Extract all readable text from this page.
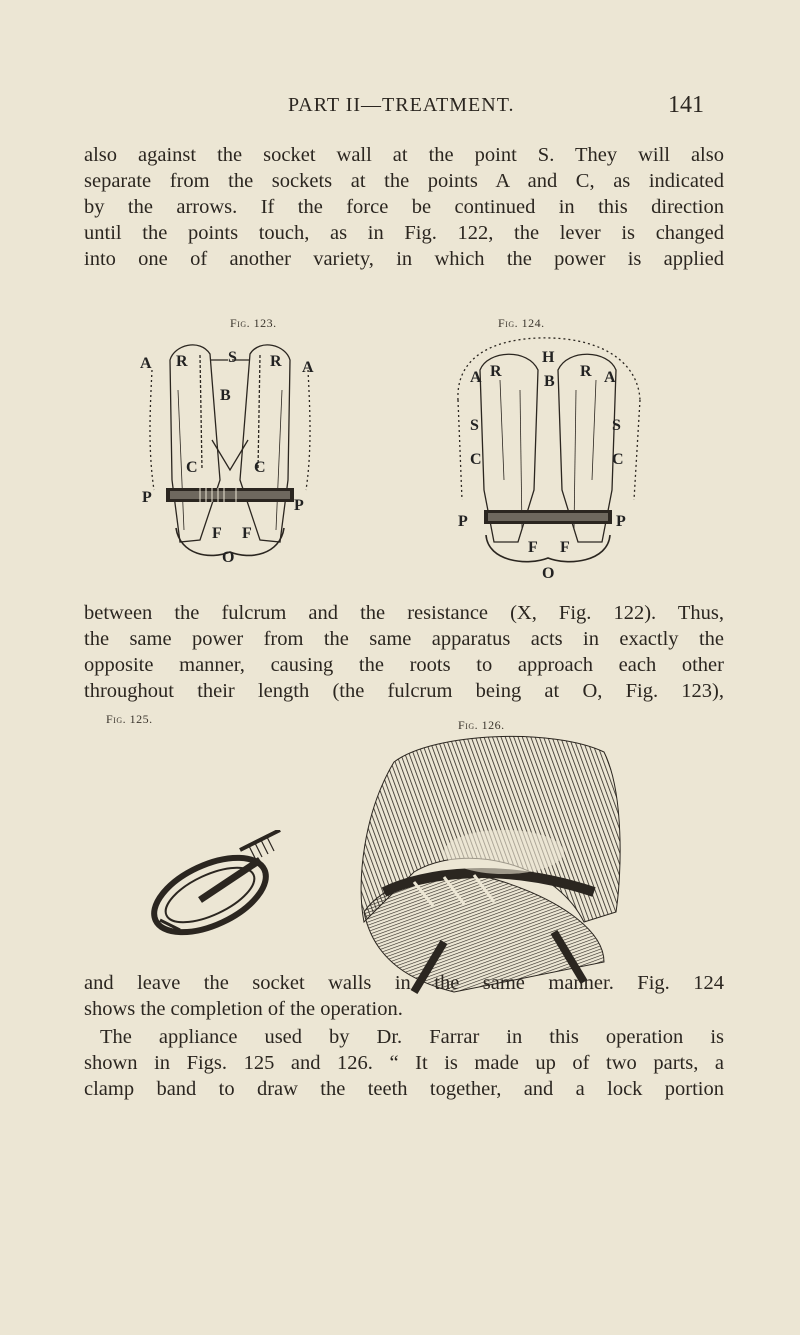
PART II—TREATMENT.	141
also against the socket wall at the point S. They will also
separate from the sockets at the points A and C, as indicated
by the arrows. If the force be continued in this direction
until the points touch, as in Fig. 122, the lever is changed
into one of another variety, in which the power is applied
Fig. 123.	Fig. 124.
A	A
R	R
S
B
C	C
P	P
F F
O
H
A	A
R	R
B
S	S
C	C
P	P
F F
O
between the fulcrum and the resistance (X, Fig. 122). Thus,
the same power from the same apparatus acts in exactly the
opposite manner, causing the roots to approach each other
throughout their length (the fulcrum being at O, Fig. 123),
Fig. 125.	Fig. 126.
and leave the socket walls in the same manner. Fig. 124
shows the completion of the operation.
The appliance used by Dr. Farrar in this operation is
shown in Figs. 125 and 126. “ It is made up of two parts, a
clamp band to draw the teeth together, and a lock portion
